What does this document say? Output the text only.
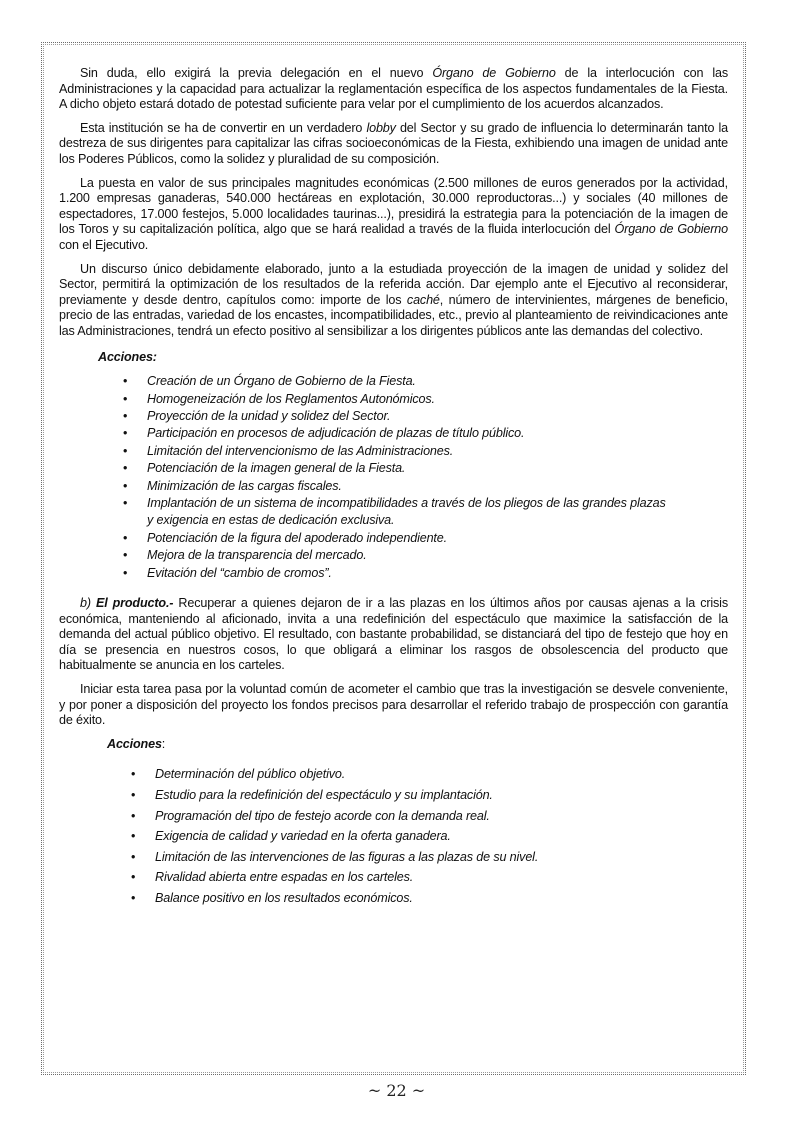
Sin duda, ello exigirá la previa delegación en el nuevo Órgano de Gobierno de la interlocución con las Administraciones y la capacidad para actualizar la reglamentación específica de los aspectos fundamentales de la Fiesta. A dicho objeto estará dotado de potestad suficiente para velar por el cumplimiento de los acuerdos alcanzados.

Esta institución se ha de convertir en un verdadero lobby del Sector y su grado de influencia lo determinarán tanto la destreza de sus dirigentes para capitalizar las cifras socioeconómicas de la Fiesta, exhibiendo una imagen de unidad ante los Poderes Públicos, como la solidez y pluralidad de su composición.

La puesta en valor de sus principales magnitudes económicas (2.500 millones de euros generados por la actividad, 1.200 empresas ganaderas, 540.000 hectáreas en explotación, 30.000 reproductoras...) y sociales (40 millones de espectadores, 17.000 festejos, 5.000 localidades taurinas...), presidirá la estrategia para la potenciación de la imagen de los Toros y su capitalización política, algo que se hará realidad a través de la fluida interlocución del Órgano de Gobierno con el Ejecutivo.

Un discurso único debidamente elaborado, junto a la estudiada proyección de la imagen de unidad y solidez del Sector, permitirá la optimización de los resultados de la referida acción. Dar ejemplo ante el Ejecutivo al reconsiderar, previamente y desde dentro, capítulos como: importe de los caché, número de intervinientes, márgenes de beneficio, precio de las entradas, variedad de los encastes, incompatibilidades, etc., previo al planteamiento de reivindicaciones ante las Administraciones, tendrá un efecto positivo al sensibilizar a los dirigentes públicos ante las demandas del colectivo.

Acciones:
• Creación de un Órgano de Gobierno de la Fiesta.
• Homogeneización de los Reglamentos Autonómicos.
• Proyección de la unidad y solidez del Sector.
• Participación en procesos de adjudicación de plazas de título público.
• Limitación del intervencionismo de las Administraciones.
• Potenciación de la imagen general de la Fiesta.
• Minimización de las cargas fiscales.
• Implantación de un sistema de incompatibilidades a través de los pliegos de las grandes plazas y exigencia en estas de dedicación exclusiva.
• Potenciación de la figura del apoderado independiente.
• Mejora de la transparencia del mercado.
• Evitación del “cambio de cromos”.

b) El producto.- Recuperar a quienes dejaron de ir a las plazas en los últimos años por causas ajenas a la crisis económica, manteniendo al aficionado, invita a una redefinición del espectáculo que maximice la satisfacción de la demanda del actual público objetivo. El resultado, con bastante probabilidad, se distanciará del tipo de festejo que hoy en día se presencia en nuestros cosos, lo que obligará a eliminar los rasgos de obsolescencia del producto que habitualmente se anuncia en los carteles.

Iniciar esta tarea pasa por la voluntad común de acometer el cambio que tras la investigación se desvele conveniente, y por poner a disposición del proyecto los fondos precisos para desarrollar el referido trabajo de prospección con garantía de éxito.

Acciones:
• Determinación del público objetivo.
• Estudio para la redefinición del espectáculo y su implantación.
• Programación del tipo de festejo acorde con la demanda real.
• Exigencia de calidad y variedad en la oferta ganadera.
• Limitación de las intervenciones de las figuras a las plazas de su nivel.
• Rivalidad abierta entre espadas en los carteles.
• Balance positivo en los resultados económicos.
~ 22 ~
